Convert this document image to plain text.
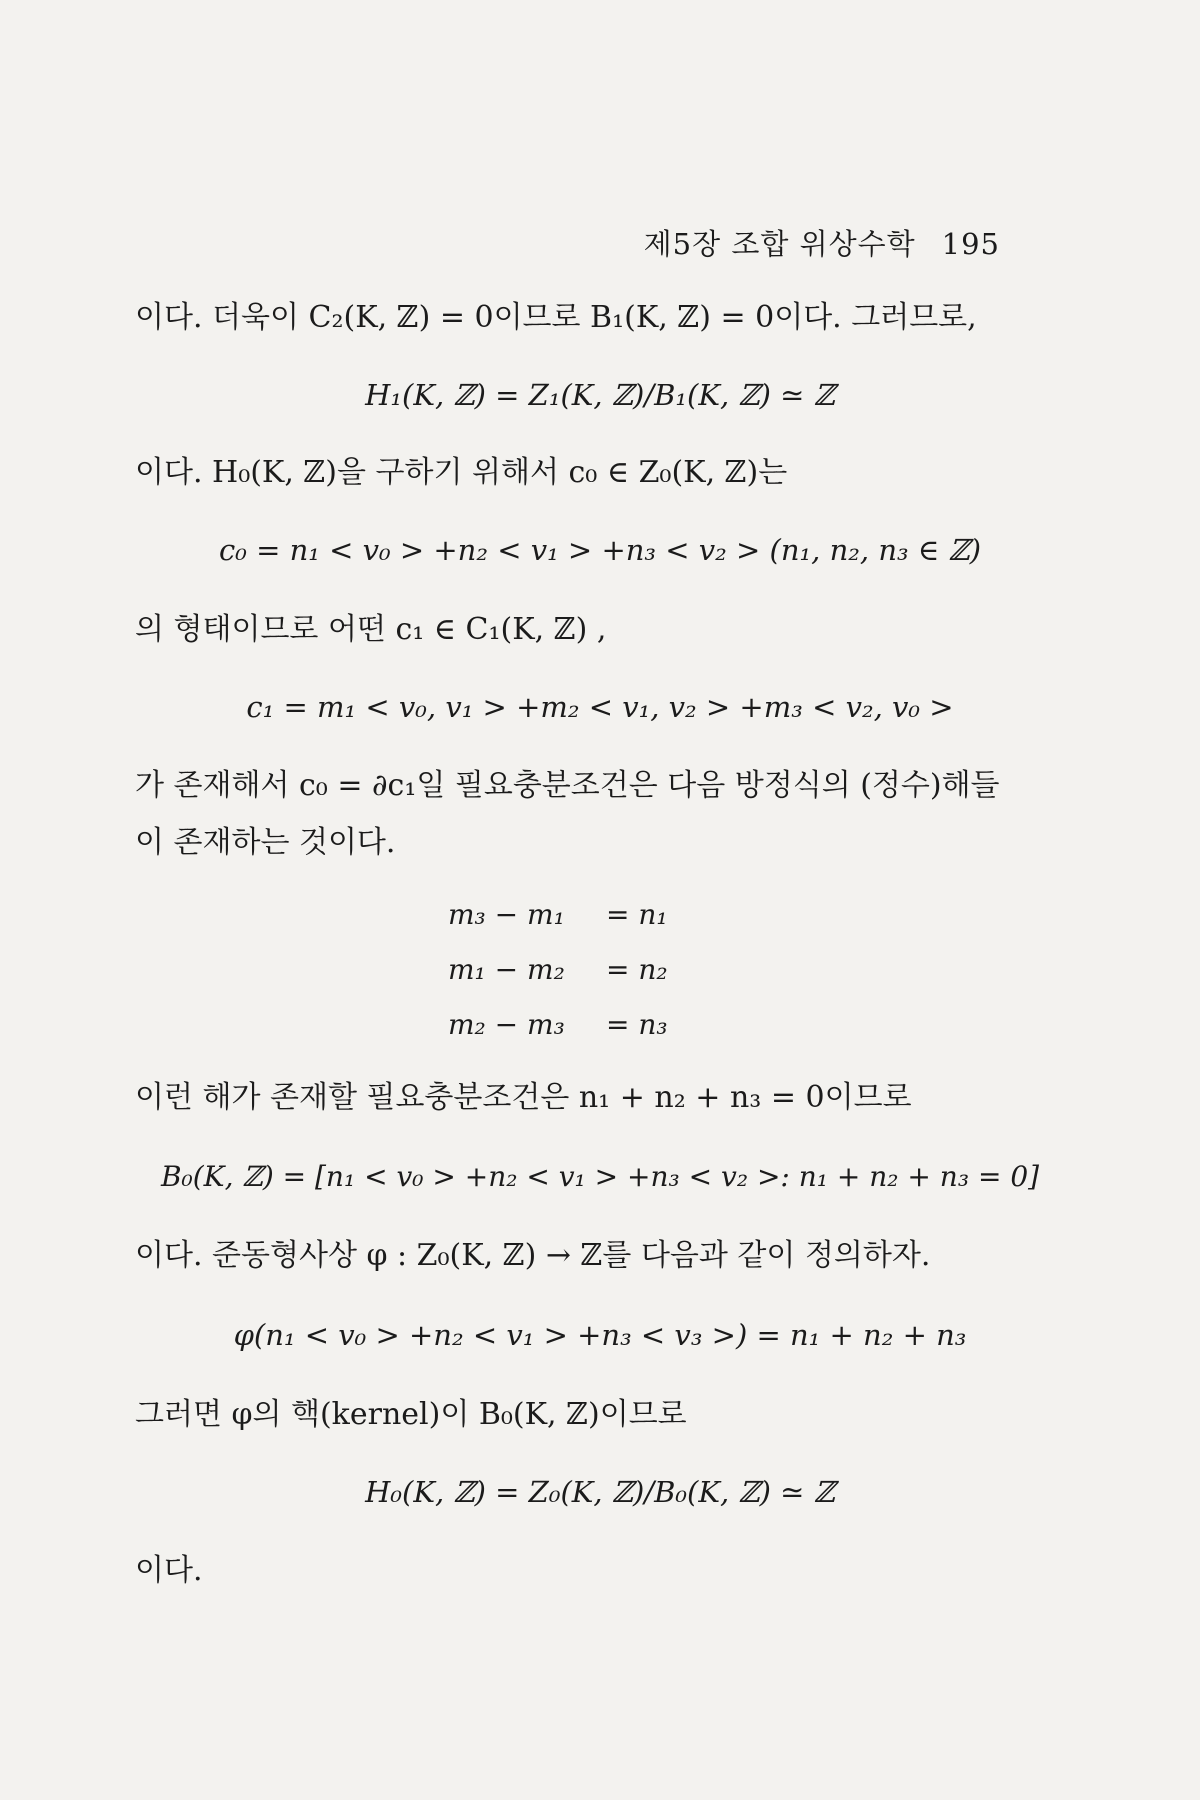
제5장 조합 위상수학 195
이다. 더욱이 C₂(K, ℤ) = 0이므로 B₁(K, ℤ) = 0이다. 그러므로,
H₁(K, ℤ) = Z₁(K, ℤ)/B₁(K, ℤ) ≃ ℤ
이다. H₀(K, ℤ)을 구하기 위해서 c₀ ∈ Z₀(K, ℤ)는
c₀ = n₁ < v₀ > +n₂ < v₁ > +n₃ < v₂ > (n₁, n₂, n₃ ∈ ℤ)
의 형태이므로 어떤 c₁ ∈ C₁(K, ℤ) ,
c₁ = m₁ < v₀, v₁ > +m₂ < v₁, v₂ > +m₃ < v₂, v₀ >
가 존재해서 c₀ = ∂c₁일 필요충분조건은 다음 방정식의 (정수)해들
이 존재하는 것이다.
m₃ − m₁ = n₁
m₁ − m₂ = n₂
m₂ − m₃ = n₃
이런 해가 존재할 필요충분조건은 n₁ + n₂ + n₃ = 0이므로
B₀(K, ℤ) = [n₁ < v₀ > +n₂ < v₁ > +n₃ < v₂ >: n₁ + n₂ + n₃ = 0]
이다. 준동형사상 φ : Z₀(K, ℤ) → ℤ를 다음과 같이 정의하자.
φ(n₁ < v₀ > +n₂ < v₁ > +n₃ < v₃ >) = n₁ + n₂ + n₃
그러면 φ의 핵(kernel)이 B₀(K, ℤ)이므로
H₀(K, ℤ) = Z₀(K, ℤ)/B₀(K, ℤ) ≃ ℤ
이다.
